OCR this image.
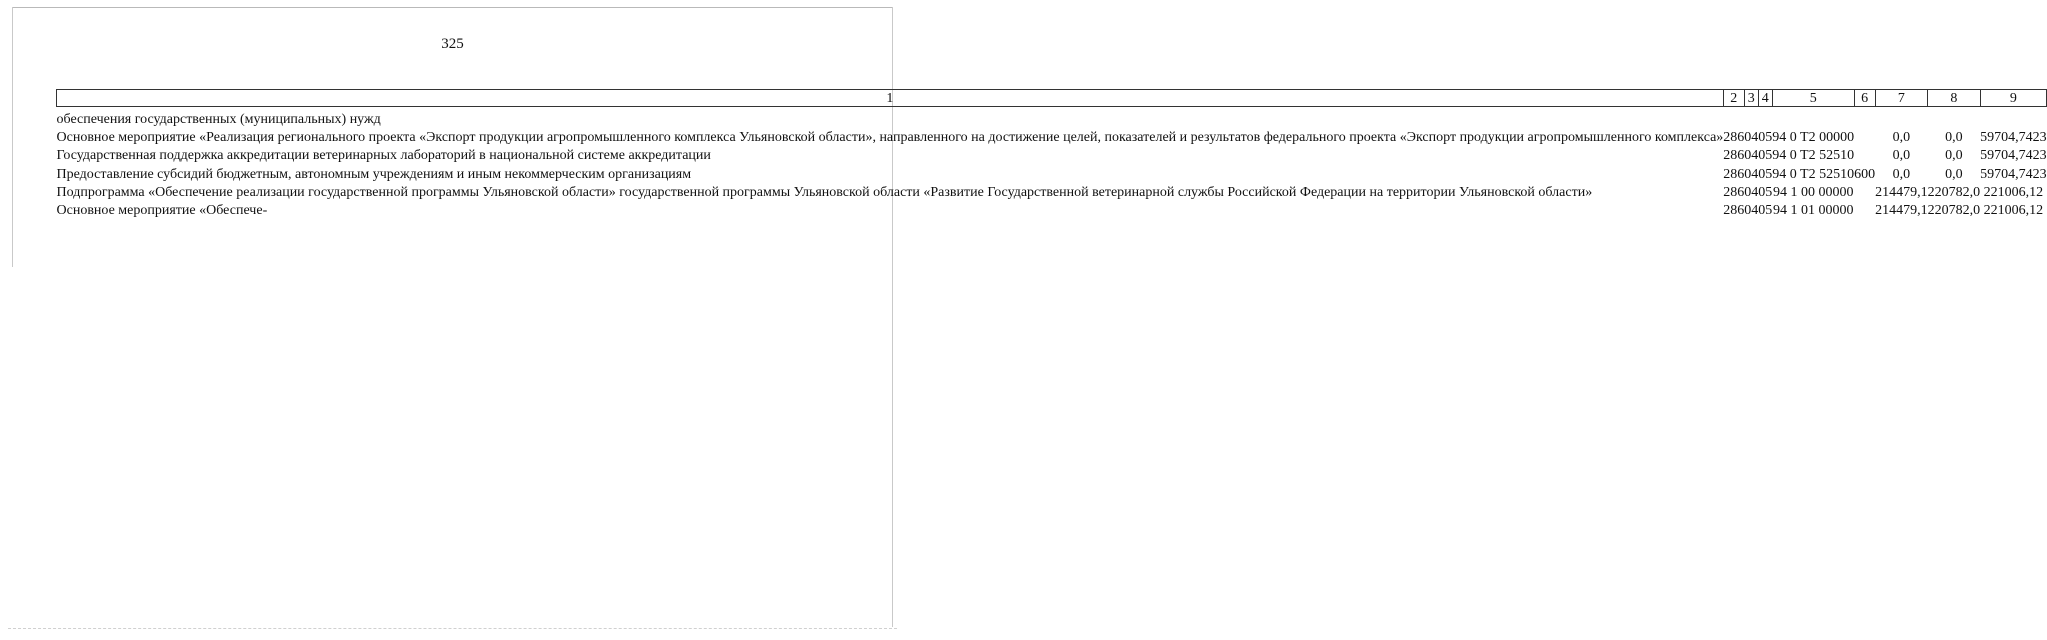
325
1	2	3	4	5	6	7	8	9
обеспечения государственных (муниципальных) нужд								
Основное мероприятие «Реализация регионального проекта «Экспорт продукции агропромышленного комплекса Ульяновской области», направленного на достижение целей, показателей и результатов федерального проекта «Экспорт продукции агропромышленного комплекса»	286	04	05	94 0 T2 00000		0,0	0,0	59704,7423
Государственная поддержка аккредитации ветеринарных лабораторий в национальной системе аккредитации	286	04	05	94 0 T2 52510		0,0	0,0	59704,7423
Предоставление субсидий бюджетным, автономным учреждениям и иным некоммерческим организациям	286	04	05	94 0 T2 52510	600	0,0	0,0	59704,7423
Подпрограмма «Обеспечение реализации государственной программы Ульяновской области» государственной программы Ульяновской области «Развитие Государственной ветеринарной службы Российской Федерации на территории Ульяновской области»	286	04	05	94 1 00 00000		214479,1	220782,0	221006,12
Основное мероприятие «Обеспече-	286	04	05	94 1 01 00000		214479,1	220782,0	221006,12
